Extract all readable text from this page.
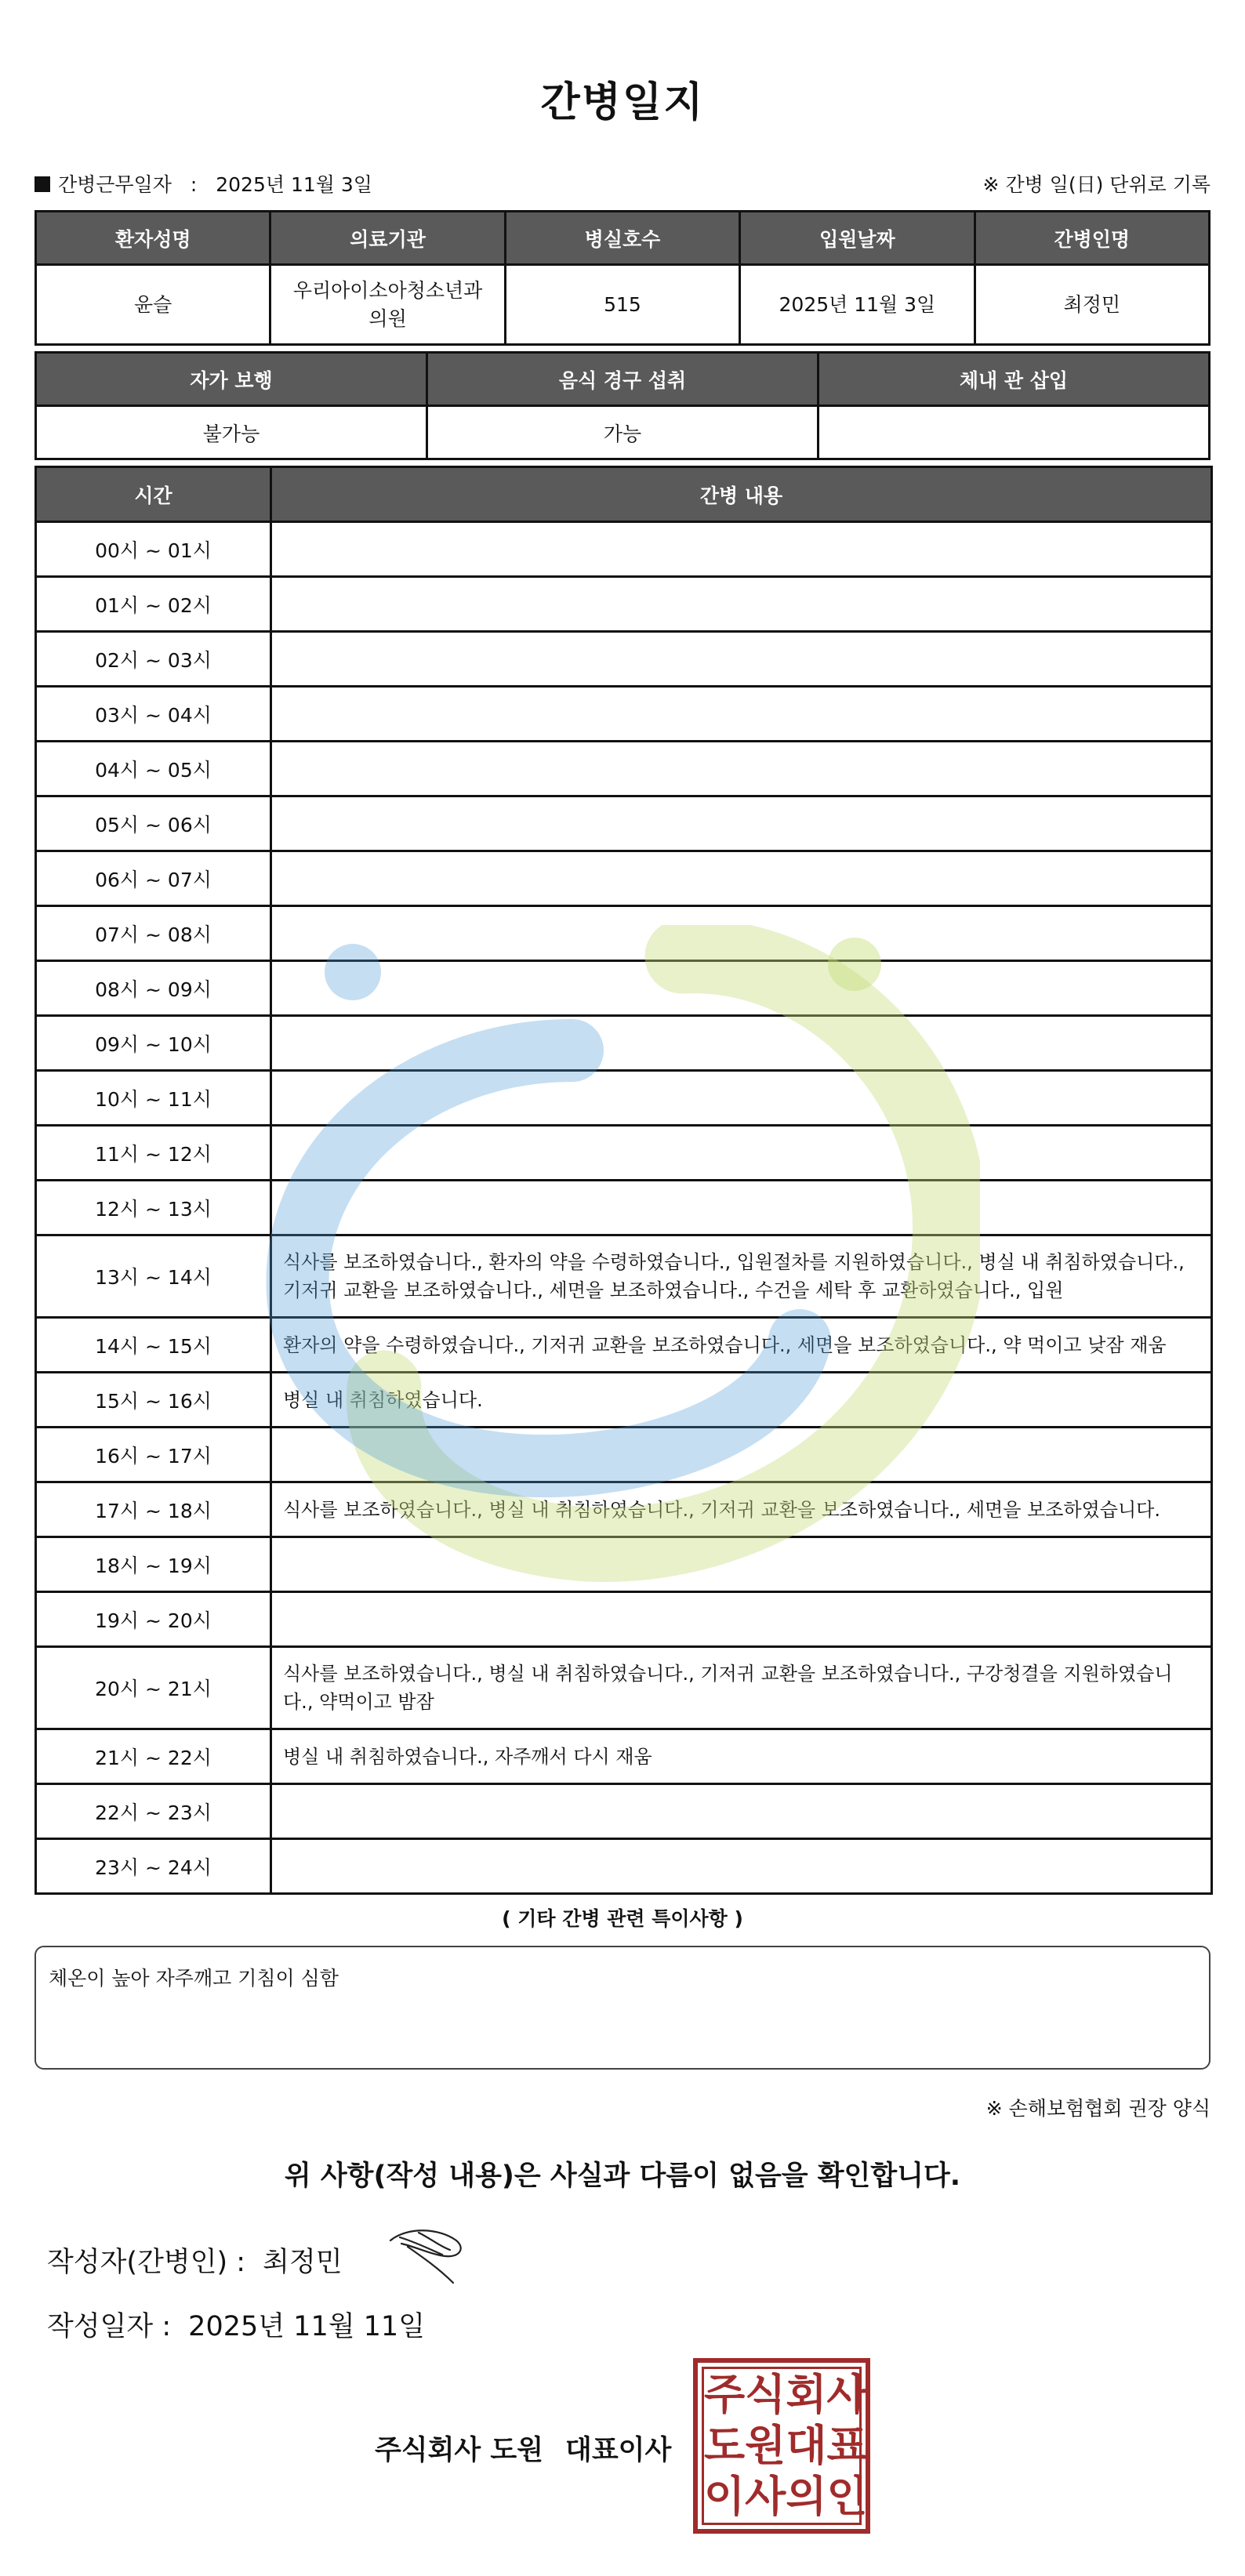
간병일지
간병근무일자 : 2025년 11월 3일	※ 간병 일(日) 단위로 기록
환자성명	의료기관	병실호수	입원날짜	간병인명
윤슬	우리아이소아청소년과의원	515	2025년 11월 3일	최정민
자가 보행	음식 경구 섭취	체내 관 삽입
불가능	가능	
시간	간병 내용
00시 ~ 01시	
01시 ~ 02시	
02시 ~ 03시	
03시 ~ 04시	
04시 ~ 05시	
05시 ~ 06시	
06시 ~ 07시	
07시 ~ 08시	
08시 ~ 09시	
09시 ~ 10시	
10시 ~ 11시	
11시 ~ 12시	
12시 ~ 13시	
13시 ~ 14시	식사를 보조하였습니다., 환자의 약을 수령하였습니다., 입원절차를 지원하였습니다., 병실 내 취침하였습니다., 기저귀 교환을 보조하였습니다., 세면을 보조하였습니다., 수건을 세탁 후 교환하였습니다., 입원
14시 ~ 15시	환자의 약을 수령하였습니다., 기저귀 교환을 보조하였습니다., 세면을 보조하였습니다., 약 먹이고 낮잠 재움
15시 ~ 16시	병실 내 취침하였습니다.
16시 ~ 17시	
17시 ~ 18시	식사를 보조하였습니다., 병실 내 취침하였습니다., 기저귀 교환을 보조하였습니다., 세면을 보조하였습니다.
18시 ~ 19시	
19시 ~ 20시	
20시 ~ 21시	식사를 보조하였습니다., 병실 내 취침하였습니다., 기저귀 교환을 보조하였습니다., 구강청결을 지원하였습니다., 약먹이고 밤잠
21시 ~ 22시	병실 내 취침하였습니다., 자주깨서 다시 재움
22시 ~ 23시	
23시 ~ 24시	
( 기타 간병 관련 특이사항 )
체온이 높아 자주깨고 기침이 심함
※ 손해보험협회 권장 양식
위 사항(작성 내용)은 사실과 다름이 없음을 확인합니다.
작성자(간병인) : 최정민
작성일자 : 2025년 11월 11일
주식회사 도원 대표이사
주 식 회 사
도 원 대 표
이 사 의 인
